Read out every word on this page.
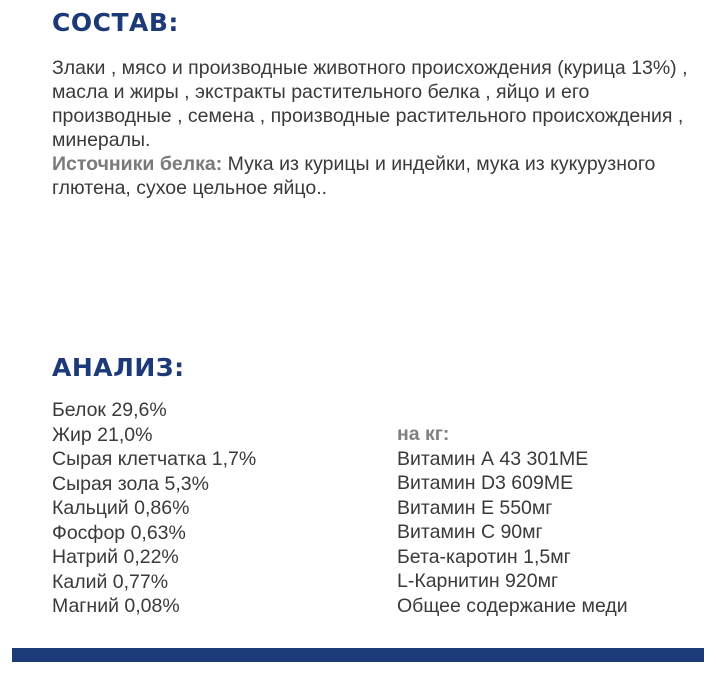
СОСТАВ:

Злаки , мясо и производные животного происхождения (курица 13%) , масла и жиры , экстракты растительного белка , яйцо и его производные , семена , производные растительного происхождения , минералы.

Источники белка: Мука из курицы и индейки, мука из кукурузного глютена, сухое цельное яйцо..

АНАЛИЗ:
Белок 29,6%
Жир 21,0%
Сырая клетчатка 1,7%
Сырая зола 5,3%
Кальций 0,86%
Фосфор 0,63%
Натрий 0,22%
Калий 0,77%
Магний 0,08%
на кг:
Витамин А 43 301МЕ
Витамин D3 609МЕ
Витамин Е 550мг
Витамин С 90мг
Бета-каротин 1,5мг
L-Карнитин 920мг
Общее содержание меди
